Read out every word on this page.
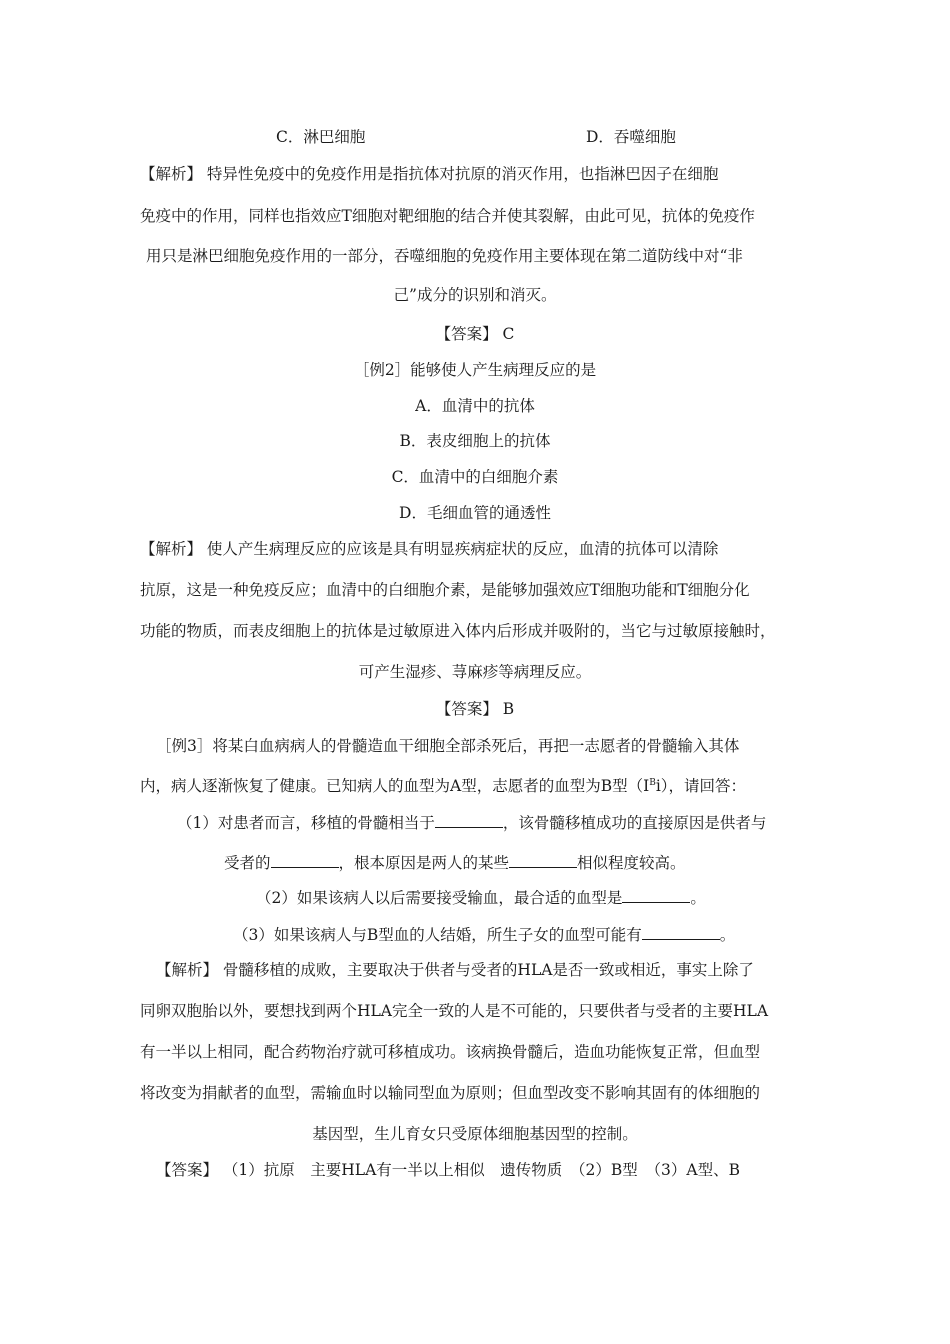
C．淋巴细胞	D．吞噬细胞
【解析】 特异性免疫中的免疫作用是指抗体对抗原的消灭作用，也指淋巴因子在细胞
免疫中的作用，同样也指效应T细胞对靶细胞的结合并使其裂解，由此可见，抗体的免疫作
用只是淋巴细胞免疫作用的一部分，吞噬细胞的免疫作用主要体现在第二道防线中对“非
己”成分的识别和消灭。
【答案】 C
［例2］能够使人产生病理反应的是
A．血清中的抗体
B．表皮细胞上的抗体
C．血清中的白细胞介素
D．毛细血管的通透性
【解析】 使人产生病理反应的应该是具有明显疾病症状的反应，血清的抗体可以清除
抗原，这是一种免疫反应；血清中的白细胞介素，是能够加强效应T细胞功能和T细胞分化
功能的物质，而表皮细胞上的抗体是过敏原进入体内后形成并吸附的，当它与过敏原接触时，
可产生湿疹、荨麻疹等病理反应。
【答案】 B
［例3］将某白血病病人的骨髓造血干细胞全部杀死后，再把一志愿者的骨髓输入其体
内，病人逐渐恢复了健康。已知病人的血型为A型，志愿者的血型为B型$(I^Bi)$，请回答：
（1）对患者而言，移植的骨髓相当于	，该骨髓移植成功的直接原因是供者与
受者的	，根本原因是两人的某些	相似程度较高。
（2）如果该病人以后需要接受输血，最合适的血型是	。
（3）如果该病人与B型血的人结婚，所生子女的血型可能有	。
【解析】 骨髓移植的成败，主要取决于供者与受者的HLA是否一致或相近，事实上除了
同卵双胞胎以外，要想找到两个HLA完全一致的人是不可能的，只要供者与受者的主要HLA
有一半以上相同，配合药物治疗就可移植成功。该病换骨髓后，造血功能恢复正常，但血型
将改变为捐献者的血型，需输血时以输同型血为原则；但血型改变不影响其固有的体细胞的
基因型，生儿育女只受原体细胞基因型的控制。
【答案】 （1）抗原　主要HLA有一半以上相似　遗传物质　（2）B型　（3）A型、B
